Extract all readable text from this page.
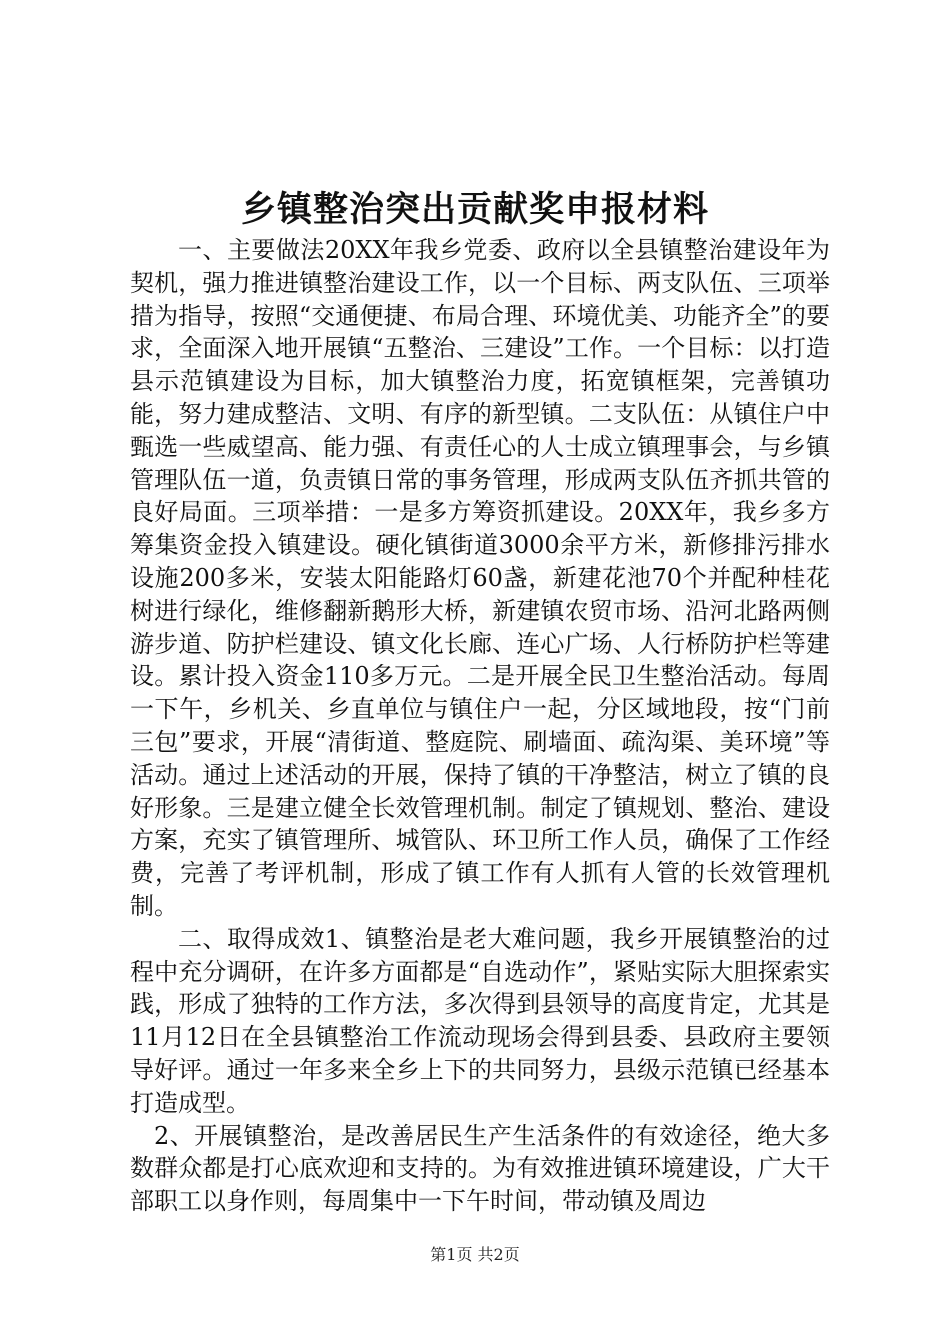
乡镇整治突出贡献奖申报材料

一、主要做法20XX年我乡党委、政府以全县镇整治建设年为契机，强力推进镇整治建设工作，以一个目标、两支队伍、三项举措为指导，按照“交通便捷、布局合理、环境优美、功能齐全”的要求，全面深入地开展镇“五整治、三建设”工作。一个目标：以打造县示范镇建设为目标，加大镇整治力度，拓宽镇框架，完善镇功能，努力建成整洁、文明、有序的新型镇。二支队伍：从镇住户中甄选一些威望高、能力强、有责任心的人士成立镇理事会，与乡镇管理队伍一道，负责镇日常的事务管理，形成两支队伍齐抓共管的良好局面。三项举措：一是多方筹资抓建设。20XX年，我乡多方筹集资金投入镇建设。硬化镇街道3000余平方米，新修排污排水设施200多米，安装太阳能路灯60盏，新建花池70个并配种桂花树进行绿化，维修翻新鹅形大桥，新建镇农贸市场、沿河北路两侧游步道、防护栏建设、镇文化长廊、连心广场、人行桥防护栏等建设。累计投入资金110多万元。二是开展全民卫生整治活动。每周一下午，乡机关、乡直单位与镇住户一起，分区域地段，按“门前三包”要求，开展“清街道、整庭院、刷墙面、疏沟渠、美环境”等活动。通过上述活动的开展，保持了镇的干净整洁，树立了镇的良好形象。三是建立健全长效管理机制。制定了镇规划、整治、建设方案，充实了镇管理所、城管队、环卫所工作人员，确保了工作经费，完善了考评机制，形成了镇工作有人抓有人管的长效管理机制。

二、取得成效1、镇整治是老大难问题，我乡开展镇整治的过程中充分调研，在许多方面都是“自选动作”，紧贴实际大胆探索实践，形成了独特的工作方法，多次得到县领导的高度肯定，尤其是11月12日在全县镇整治工作流动现场会得到县委、县政府主要领导好评。通过一年多来全乡上下的共同努力，县级示范镇已经基本打造成型。

2、开展镇整治，是改善居民生产生活条件的有效途径，绝大多数群众都是打心底欢迎和支持的。为有效推进镇环境建设，广大干部职工以身作则，每周集中一下午时间，带动镇及周边

第1页 共2页
